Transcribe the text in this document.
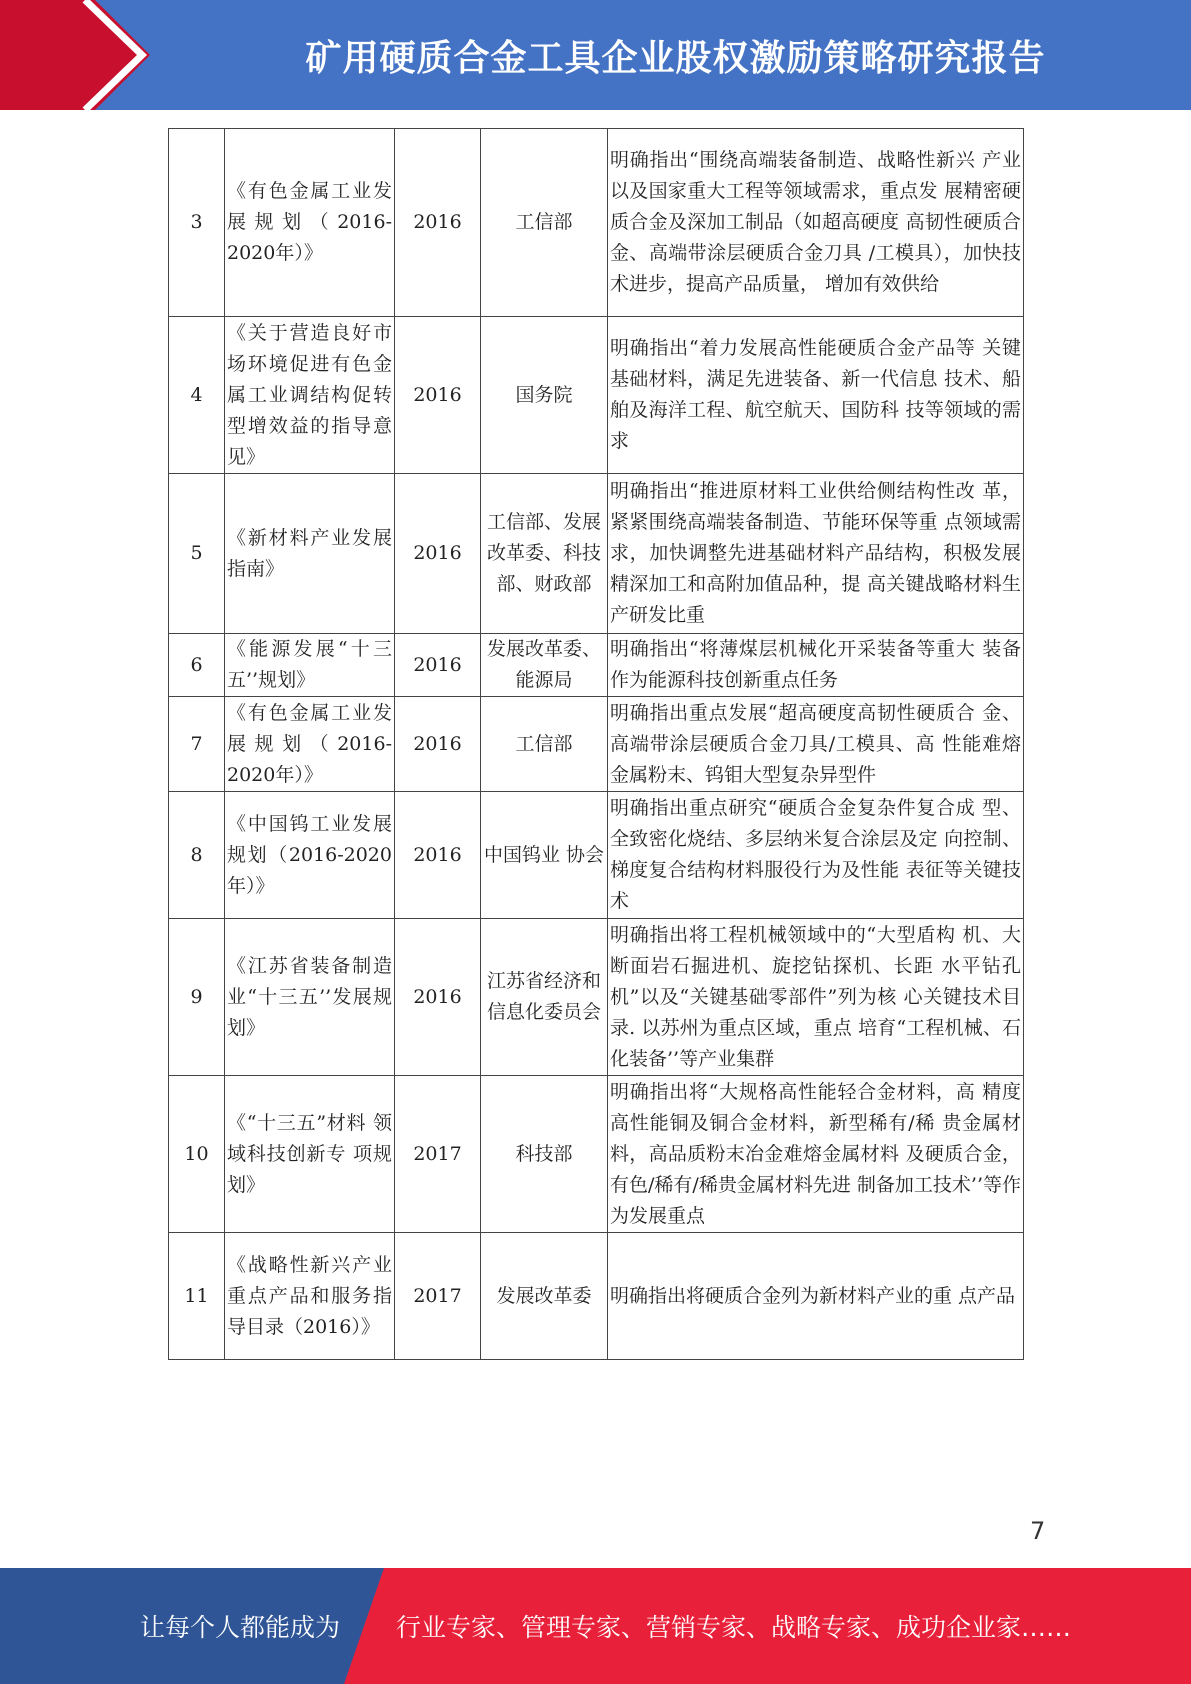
矿用硬质合金工具企业股权激励策略研究报告
3	《有色金属工业发展规划（2016-2020年）》	2016	工信部	明确指出“围绕高端装备制造、战略性新兴 产业以及国家重大工程等领域需求，重点发 展精密硬质合金及深加工制品（如超高硬度 高韧性硬质合金、高端带涂层硬质合金刀具 /工模具），加快技术进步，提高产品质量， 增加有效供给
4	《关于营造良好市场环境促进有色金属工业调结构促转型增效益的指导意见》	2016	国务院	明确指出“着力发展高性能硬质合金产品等 关键基础材料，满足先进装备、新一代信息 技术、船舶及海洋工程、航空航天、国防科 技等领域的需求
5	《新材料产业发展指南》	2016	工信部、发展改革委、科技部、财政部	明确指出“推进原材料工业供给侧结构性改 革，紧紧围绕高端装备制造、节能环保等重 点领域需求，加快调整先进基础材料产品结构，积极发展精深加工和高附加值品种，提 高关键战略材料生产研发比重
6	《能源发展“十三五’’规划》	2016	发展改革委、能源局	明确指出“将薄煤层机械化开采装备等重大 装备作为能源科技创新重点任务
7	《有色金属工业发展规划（2016-2020年）》	2016	工信部	明确指出重点发展“超高硬度高韧性硬质合 金、高端带涂层硬质合金刀具/工模具、高 性能难熔金属粉末、钨钼大型复杂异型件
8	《中国钨工业发展规划（2016-2020年）》	2016	中国钨业 协会	明确指出重点研究“硬质合金复杂件复合成 型、全致密化烧结、多层纳米复合涂层及定 向控制、梯度复合结构材料服役行为及性能 表征等关键技术
9	《江苏省装备制造业“十三五’’发展规划》	2016	江苏省经济和信息化委员会	明确指出将工程机械领域中的“大型盾构 机、大断面岩石掘进机、旋挖钻探机、长距 水平钻孔机”以及“关键基础零部件”列为核 心关键技术目录. 以苏州为重点区域，重点 培育“工程机械、石化装备’’等产业集群
10	《“十三五”材料 领域科技创新专 项规划》	2017	科技部	明确指出将“大规格高性能轻合金材料，高 精度高性能铜及铜合金材料，新型稀有/稀 贵金属材料，高品质粉末冶金难熔金属材料 及硬质合金，有色/稀有/稀贵金属材料先进 制备加工技术’’等作为发展重点
11	《战略性新兴产业重点产品和服务指导目录（2016）》	2017	发展改革委	明确指出将硬质合金列为新材料产业的重 点产品
7
让每个人都能成为 行业专家、管理专家、营销专家、战略专家、成功企业家……
